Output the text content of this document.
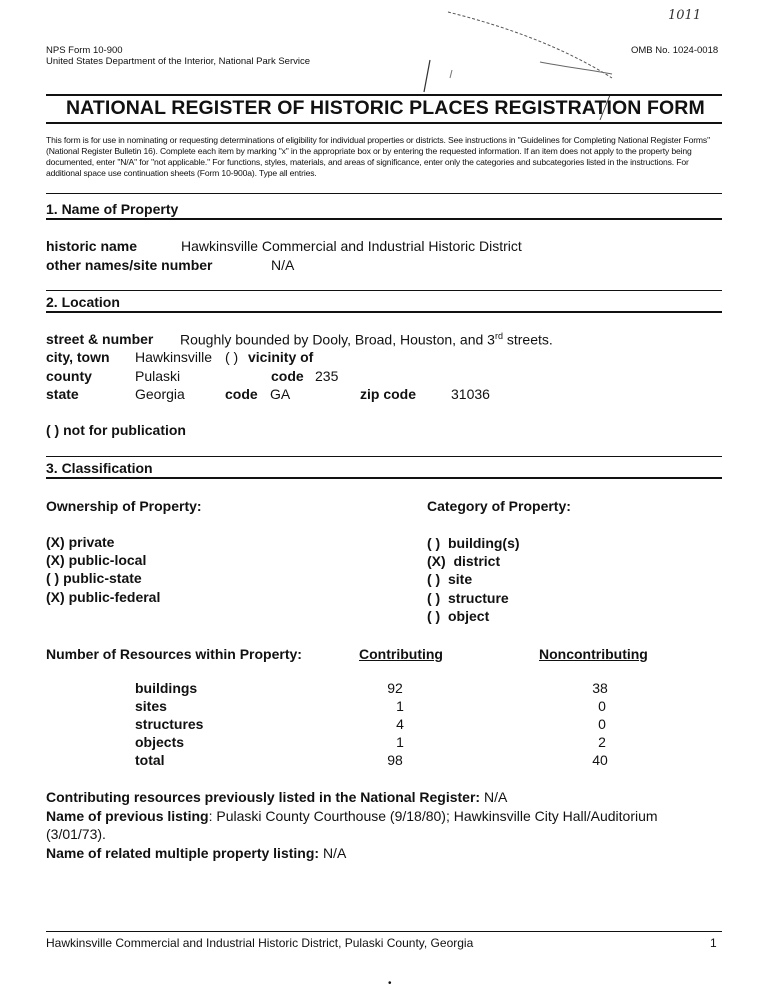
1011
NPS Form 10-900
United States Department of the Interior, National Park Service
OMB No. 1024-0018
NATIONAL REGISTER OF HISTORIC PLACES REGISTRATION FORM
This form is for use in nominating or requesting determinations of eligibility for individual properties or districts. See instructions in "Guidelines for Completing National Register Forms" (National Register Bulletin 16). Complete each item by marking "x" in the appropriate box or by entering the requested information. If an item does not apply to the property being documented, enter "N/A" for "not applicable." For functions, styles, materials, and areas of significance, enter only the categories and subcategories listed in the instructions. For additional space use continuation sheets (Form 10-900a). Type all entries.
1. Name of Property
historic name	Hawkinsville Commercial and Industrial Historic District
other names/site number	N/A
2. Location
street & number Roughly bounded by Dooly, Broad, Houston, and 3rd streets.
city, town Hawkinsville ( ) vicinity of
county	Pulaski	code 235
state	Georgia	code GA	zip code 31036
( ) not for publication
3. Classification
Ownership of Property:	Category of Property:
(X) private
(X) public-local
( ) public-state
(X) public-federal
( ) building(s)
(X) district
( ) site
( ) structure
( ) object
Number of Resources within Property:	Contributing	Noncontributing
buildings	92	38
sites	1	0
structures	4	0
objects	1	2
total	98	40
Contributing resources previously listed in the National Register: N/A
Name of previous listing: Pulaski County Courthouse (9/18/80); Hawkinsville City Hall/Auditorium
(3/01/73).
Name of related multiple property listing: N/A
Hawkinsville Commercial and Industrial Historic District, Pulaski County, Georgia	1
•
